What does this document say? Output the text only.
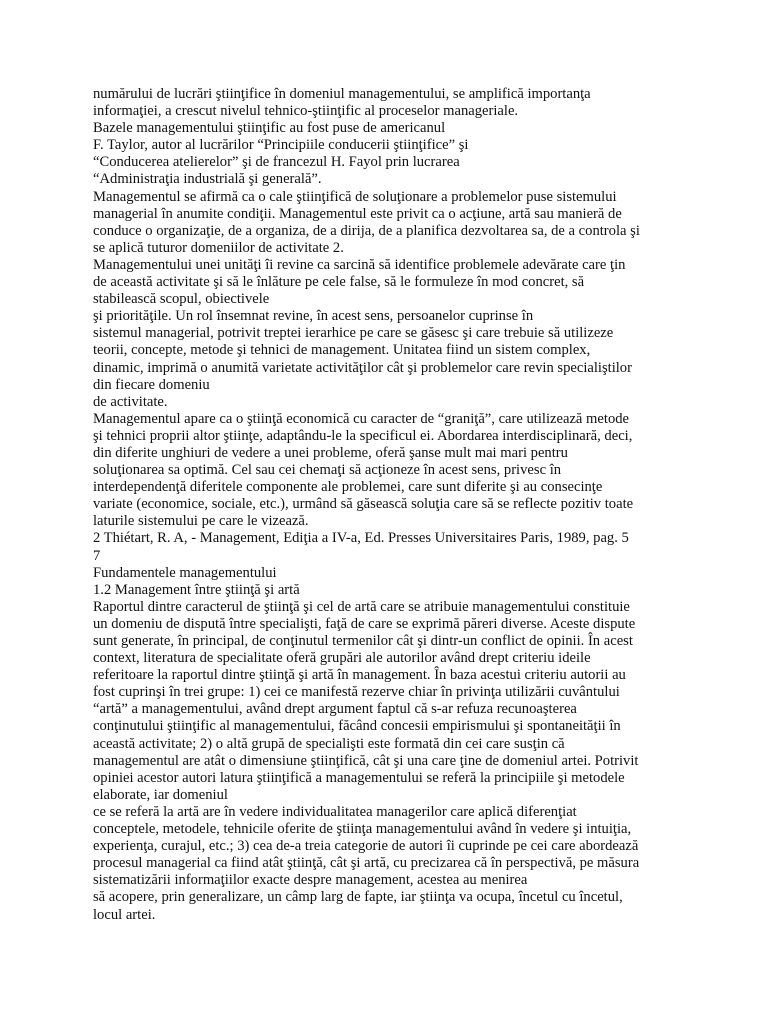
numărului de lucrări ştiinţifice în domeniul managementului, se amplifică importanţa
informaţiei, a crescut nivelul tehnico-ştiinţific al proceselor manageriale.
Bazele managementului ştiinţific au fost puse de americanul
F. Taylor, autor al lucrărilor “Principiile conducerii ştiinţifice” şi
“Conducerea atelierelor” şi de francezul H. Fayol prin lucrarea
“Administraţia industrială şi generală”.
Managementul se afirmă ca o cale ştiinţifică de soluţionare a problemelor puse sistemului
managerial în anumite condiţii. Managementul este privit ca o acţiune, artă sau manieră de
conduce o organizaţie, de a organiza, de a dirija, de a planifica dezvoltarea sa, de a controla şi
se aplică tuturor domeniilor de activitate 2.
Managementului unei unităţi îi revine ca sarcină să identifice problemele adevărate care ţin
de această activitate şi să le înlăture pe cele false, să le formuleze în mod concret, să
stabilească scopul, obiectivele
şi priorităţile. Un rol însemnat revine, în acest sens, persoanelor cuprinse în
sistemul managerial, potrivit treptei ierarhice pe care se găsesc şi care trebuie să utilizeze
teorii, concepte, metode şi tehnici de management. Unitatea fiind un sistem complex,
dinamic, imprimă o anumită varietate activităţilor cât şi problemelor care revin specialiştilor
din fiecare domeniu
de activitate.
Managementul apare ca o ştiinţă economică cu caracter de “graniţă”, care utilizează metode
şi tehnici proprii altor ştiinţe, adaptându-le la specificul ei. Abordarea interdisciplinară, deci,
din diferite unghiuri de vedere a unei probleme, oferă şanse mult mai mari pentru
soluţionarea sa optimă. Cel sau cei chemaţi să acţioneze în acest sens, privesc în
interdependenţă diferitele componente ale problemei, care sunt diferite şi au consecinţe
variate (economice, sociale, etc.), urmând să găsească soluţia care să se reflecte pozitiv toate
laturile sistemului pe care le vizează.
2 Thiétart, R. A, - Management, Ediţia a IV-a, Ed. Presses Universitaires Paris, 1989, pag. 5
7
Fundamentele managementului
1.2 Management între ştiinţă şi artă
Raportul dintre caracterul de ştiinţă şi cel de artă care se atribuie managementului constituie
un domeniu de dispută între specialişti, faţă de care se exprimă păreri diverse. Aceste dispute
sunt generate, în principal, de conţinutul termenilor cât şi dintr-un conflict de opinii. În acest
context, literatura de specialitate oferă grupări ale autorilor având drept criteriu ideile
referitoare la raportul dintre ştiinţă şi artă în management. În baza acestui criteriu autorii au
fost cuprinşi în trei grupe: 1) cei ce manifestă rezerve chiar în privinţa utilizării cuvântului
“artă” a managementului, având drept argument faptul că s-ar refuza recunoaşterea
conţinutului ştiinţific al managementului, făcând concesii empirismului şi spontaneităţii în
această activitate; 2) o altă grupă de specialişti este formată din cei care susţin că
managementul are atât o dimensiune ştiinţifică, cât şi una care ţine de domeniul artei. Potrivit
opiniei acestor autori latura ştiinţifică a managementului se referă la principiile şi metodele
elaborate, iar domeniul
ce se referă la artă are în vedere individualitatea managerilor care aplică diferenţiat
conceptele, metodele, tehnicile oferite de ştiinţa managementului având în vedere şi intuiţia,
experienţa, curajul, etc.; 3) cea de-a treia categorie de autori îi cuprinde pe cei care abordează
procesul managerial ca fiind atât ştiinţă, cât şi artă, cu precizarea că în perspectivă, pe măsura
sistematizării informaţiilor exacte despre management, acestea au menirea
să acopere, prin generalizare, un câmp larg de fapte, iar ştiinţa va ocupa, încetul cu încetul,
locul artei.
